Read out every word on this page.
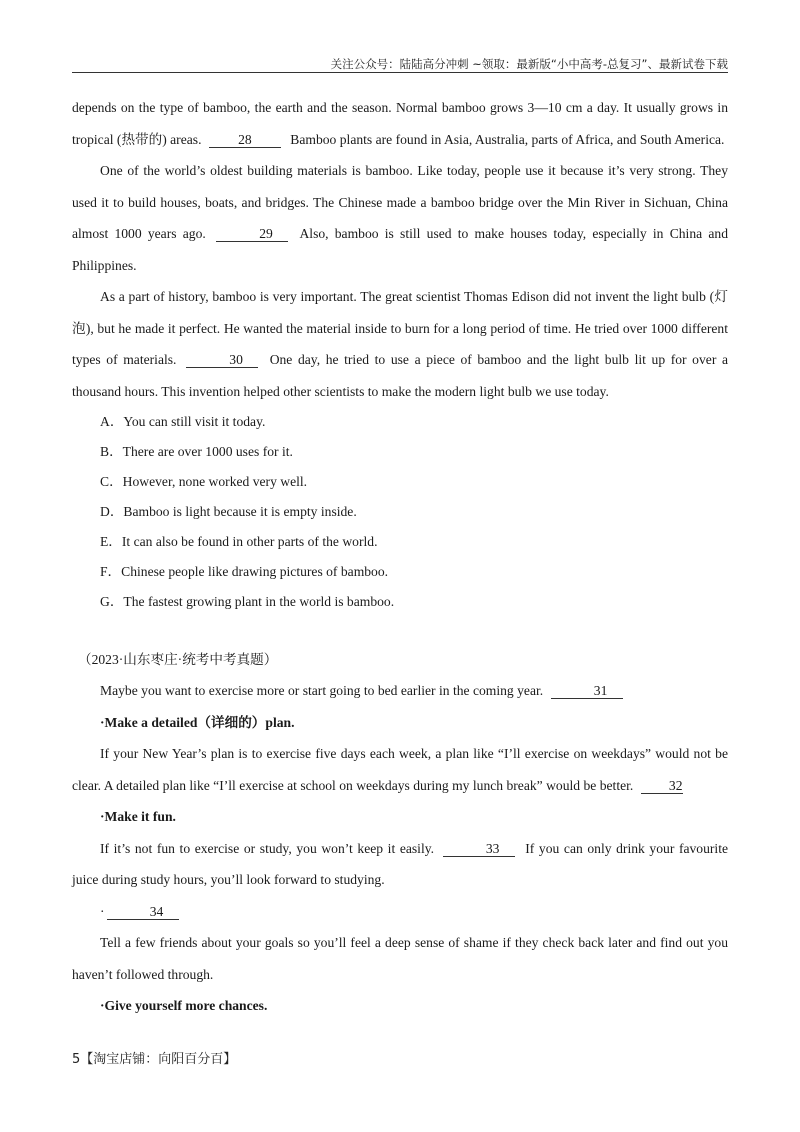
关注公众号：陆陆高分冲刺 ~领取：最新版“小中高考-总复习”、最新试卷下载

depends on the type of bamboo, the earth and the season. Normal bamboo grows 3—10 cm a day. It usually grows in tropical (热带的) areas.	28	Bamboo plants are found in Asia, Australia, parts of Africa, and South America.

One of the world’s oldest building materials is bamboo. Like today, people use it because it’s very strong. They used it to build houses, boats, and bridges. The Chinese made a bamboo bridge over the Min River in Sichuan, China almost 1000 years ago.	29 Also, bamboo is still used to make houses today, especially in China and Philippines.

As a part of history, bamboo is very important. The great scientist Thomas Edison did not invent the light bulb (灯泡), but he made it perfect. He wanted the material inside to burn for a long period of time. He tried over 1000 different types of materials.	30 One day, he tried to use a piece of bamboo and the light bulb lit up for over a thousand hours. This invention helped other scientists to make the modern light bulb we use today.

A．You can still visit it today.

B．There are over 1000 uses for it.

C．However, none worked very well.

D．Bamboo is light because it is empty inside.

E．It can also be found in other parts of the world.

F．Chinese people like drawing pictures of bamboo.

G．The fastest growing plant in the world is bamboo.

（2023·山东枣庄·统考中考真题）

Maybe you want to exercise more or start going to bed earlier in the coming year.	31

·Make a detailed（详细的）plan.

If your New Year’s plan is to exercise five days each week, a plan like “I’ll exercise on weekdays” would not be clear. A detailed plan like “I’ll exercise at school on weekdays during my lunch break” would be better.	32

·Make it fun.

If it’s not fun to exercise or study, you won’t keep it easily.	33 If you can only drink your favourite juice during study hours, you’ll look forward to studying.

·	34

Tell a few friends about your goals so you’ll feel a deep sense of shame if they check back later and find out you haven’t followed through.

·Give yourself more chances.

5【淘宝店铺：向阳百分百】
